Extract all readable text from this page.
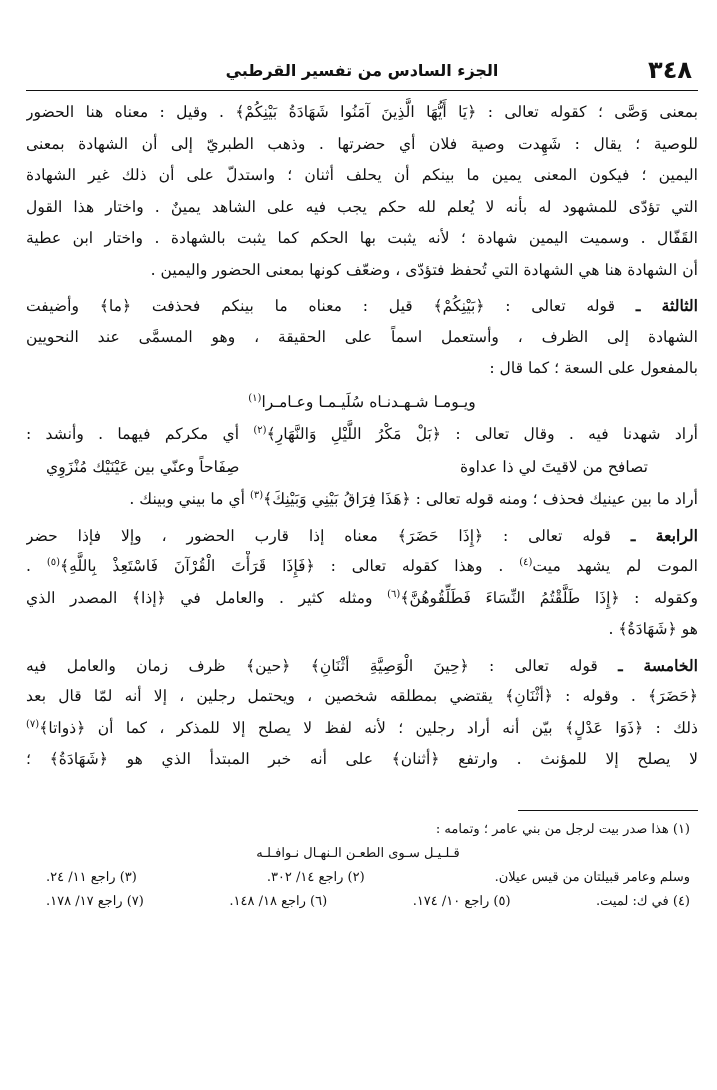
٣٤٨
الجزء السادس من تفسير القرطبي

بمعنى وَصَّى ؛ كقوله تعالى : ﴿يَا أَيُّهَا الَّذِينَ آمَنُوا شَهَادَةُ بَيْنِكُمْ﴾ . وقيل : معناه هنا الحضور

للوصية ؛ يقال : شَهِدت وصية فلان أي حضرتها . وذهب الطبريّ إلى أن الشهادة بمعنى

اليمين ؛ فيكون المعنى يمين ما بينكم أن يحلف أثنان ؛ واستدلّ على أن ذلك غير الشهادة

التي تؤدّى للمشهود له بأنه لا يُعلم لله حكم يجب فيه على الشاهد يمينٌ . واختار هذا القول

القَفّال . وسميت اليمين شهادة ؛ لأنه يثبت بها الحكم كما يثبت بالشهادة . واختار ابن عطية

أن الشهادة هنا هي الشهادة التي تُحفظ فتؤدّى ، وضعّف كونها بمعنى الحضور واليمين .

الثالثة ـ قوله تعالى : ﴿بَيْنِكُمْ﴾ قيل : معناه ما بينكم فحذفت ﴿ما﴾ وأضيفت

الشهادة إلى الظرف ، وأستعمل اسماً على الحقيقة ، وهو المسمَّى عند النحويين

بالمفعول على السعة ؛ كما قال :

ويـومـا شـهـدنـاه سُلَيـمـا وعـامـرا$^{(١)}$

أراد شهدنا فيه . وقال تعالى : ﴿بَلْ مَكْرُ اللَّيْلِ وَالنَّهَارِ﴾$^{(٢)}$ أي مكركم فيهما . وأنشد :

تصافح من لاقيتَ لي ذا عداوة
صِفَاحاً وعنّي بين عَيْنَيْك مُنْزَوِي

أراد ما بين عينيك فحذف ؛ ومنه قوله تعالى : ﴿هَذَا فِرَاقُ بَيْنِي وَبَيْنِكَ﴾$^{(٣)}$ أي ما بيني وبينك .

الرابعة ـ قوله تعالى : ﴿إِذَا حَضَرَ﴾ معناه إذا قارب الحضور ، وإلا فإذا حضر

الموت لم يشهد ميت$^{(٤)}$ . وهذا كقوله تعالى : ﴿فَإِذَا قَرَأْتَ الْقُرْآنَ فَاسْتَعِذْ بِاللَّهِ﴾$^{(٥)}$ .

وكقوله : ﴿إِذَا طَلَّقْتُمُ النِّسَاءَ فَطَلِّقُوهُنَّ﴾$^{(٦)}$ ومثله كثير . والعامل في ﴿إذا﴾ المصدر الذي

هو ﴿شَهَادَةُ﴾ .

الخامسة ـ قوله تعالى : ﴿حِينَ الْوَصِيَّةِ أثْنَانِ﴾ ﴿حين﴾ ظرف زمان والعامل فيه

﴿حَضَرَ﴾ . وقوله : ﴿أثْنَانِ﴾ يقتضي بمطلقه شخصين ، ويحتمل رجلين ، إلا أنه لمّا قال بعد

ذلك : ﴿ذَوَا عَدْلٍ﴾ بيّن أنه أراد رجلين ؛ لأنه لفظ لا يصلح إلا للمذكر ، كما أن ﴿ذواتا﴾$^{(٧)}$

لا يصلح إلا للمؤنث . وارتفع ﴿أثنان﴾ على أنه خبر المبتدأ الذي هو ﴿شَهَادَةُ﴾ ؛

(١) هذا صدر بيت لرجل من بني عامر ؛ وتمامه :
قـلـيـل سـوى الطعـن الـنهـال نـوافـلـه
وسلم وعامر قبيلتان من قيس عيلان.
(٢) راجع ١٤/ ٣٠٢.
(٣) راجع ١١/ ٢٤.
(٤) في ك: لميت.
(٥) راجع ١٠/ ١٧٤.
(٦) راجع ١٨/ ١٤٨.
(٧) راجع ١٧/ ١٧٨.
